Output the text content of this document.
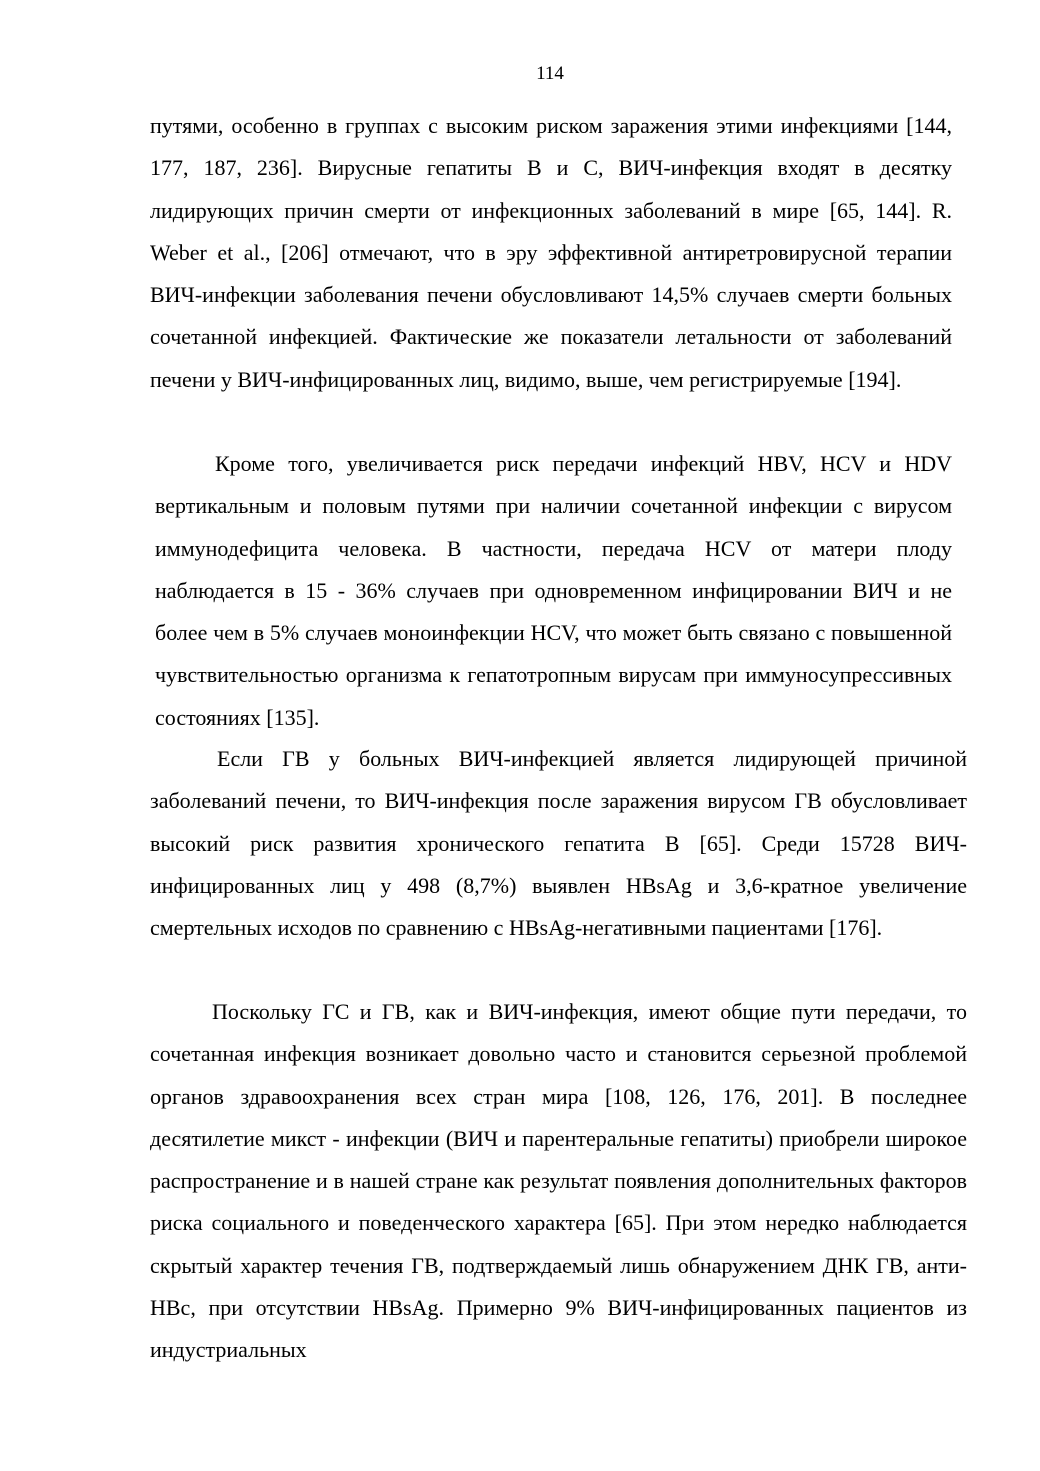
114

путями, особенно в группах с высоким риском заражения этими инфекциями [144, 177, 187, 236]. Вирусные гепатиты В и С, ВИЧ-инфекция входят в десятку лидирующих причин смерти от инфекционных заболеваний в мире [65, 144]. R. Weber et al., [206] отмечают, что в эру эффективной антиретровирусной терапии ВИЧ-инфекции заболевания печени обусловливают 14,5% случаев смерти больных сочетанной инфекцией. Фактические же показатели летальности от заболеваний печени у ВИЧ-инфицированных лиц, видимо, выше, чем регистрируемые [194].

Кроме того, увеличивается риск передачи инфекций HBV, HCV и HDV вертикальным и половым путями при наличии сочетанной инфекции с вирусом иммунодефицита человека. В частности, передача HCV от матери плоду наблюдается в 15 - 36% случаев при одновременном инфицировании ВИЧ и не более чем в 5% случаев моноинфекции HCV, что может быть связано с повышенной чувствительностью организма к гепатотропным вирусам при иммуносупрессивных состояниях [135].

Если ГВ у больных ВИЧ-инфекцией является лидирующей причиной заболеваний печени, то ВИЧ-инфекция после заражения вирусом ГВ обусловливает высокий риск развития хронического гепатита В [65]. Среди 15728 ВИЧ-инфицированных лиц у 498 (8,7%) выявлен HBsAg и 3,6-кратное увеличение смертельных исходов по сравнению с HBsAg-негативными пациентами [176].

Поскольку ГС и ГВ, как и ВИЧ-инфекция, имеют общие пути передачи, то сочетанная инфекция возникает довольно часто и становится серьезной проблемой органов здравоохранения всех стран мира [108, 126, 176, 201]. В последнее десятилетие микст - инфекции (ВИЧ и парентеральные гепатиты) приобрели широкое распространение и в нашей стране как результат появления дополнительных факторов риска социального и поведенческого характера [65]. При этом нередко наблюдается скрытый характер течения ГВ, подтверждаемый лишь обнаружением ДНК ГВ, анти-НВс, при отсутствии HBsAg. Примерно 9% ВИЧ-инфицированных пациентов из индустриальных
